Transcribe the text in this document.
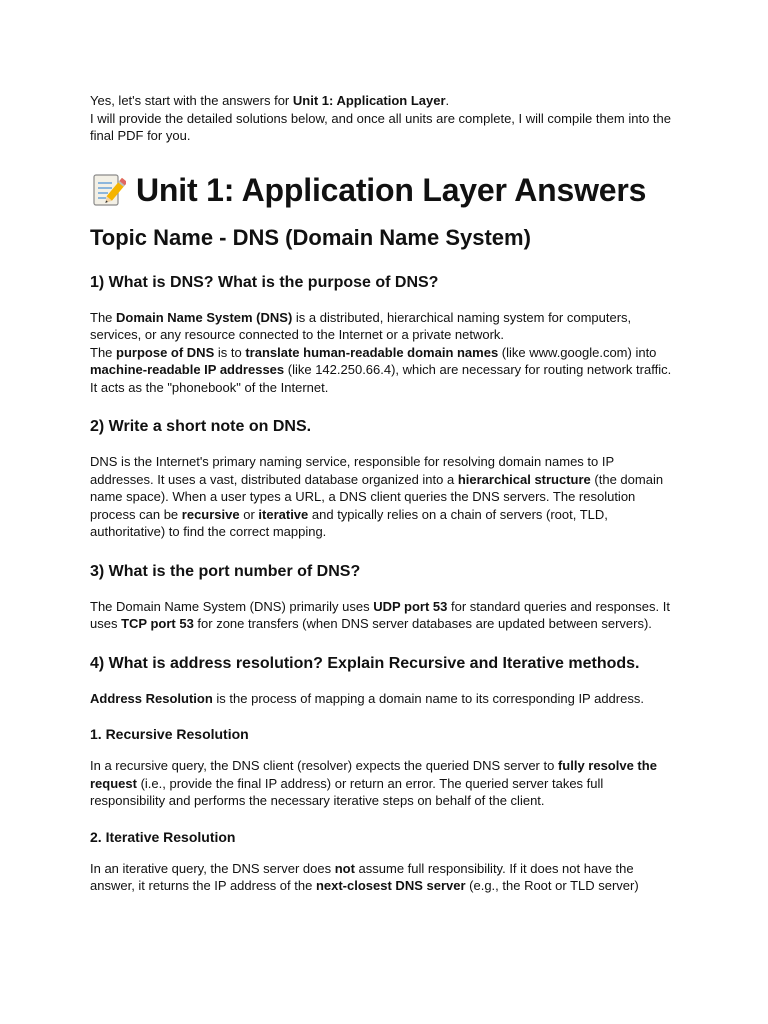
Yes, let's start with the answers for Unit 1: Application Layer.

I will provide the detailed solutions below, and once all units are complete, I will compile them into the final PDF for you.

Unit 1: Application Layer Answers
Topic Name - DNS (Domain Name System)
1) What is DNS? What is the purpose of DNS?

The Domain Name System (DNS) is a distributed, hierarchical naming system for computers, services, or any resource connected to the Internet or a private network.

The purpose of DNS is to translate human-readable domain names (like www.google.com) into machine-readable IP addresses (like 142.250.66.4), which are necessary for routing network traffic. It acts as the "phonebook" of the Internet.

2) Write a short note on DNS.

DNS is the Internet's primary naming service, responsible for resolving domain names to IP addresses. It uses a vast, distributed database organized into a hierarchical structure (the domain name space). When a user types a URL, a DNS client queries the DNS servers. The resolution process can be recursive or iterative and typically relies on a chain of servers (root, TLD, authoritative) to find the correct mapping.

3) What is the port number of DNS?

The Domain Name System (DNS) primarily uses UDP port 53 for standard queries and responses. It uses TCP port 53 for zone transfers (when DNS server databases are updated between servers).

4) What is address resolution? Explain Recursive and Iterative methods.

Address Resolution is the process of mapping a domain name to its corresponding IP address.

1. Recursive Resolution

In a recursive query, the DNS client (resolver) expects the queried DNS server to fully resolve the request (i.e., provide the final IP address) or return an error. The queried server takes full responsibility and performs the necessary iterative steps on behalf of the client.

2. Iterative Resolution

In an iterative query, the DNS server does not assume full responsibility. If it does not have the answer, it returns the IP address of the next-closest DNS server (e.g., the Root or TLD server)
